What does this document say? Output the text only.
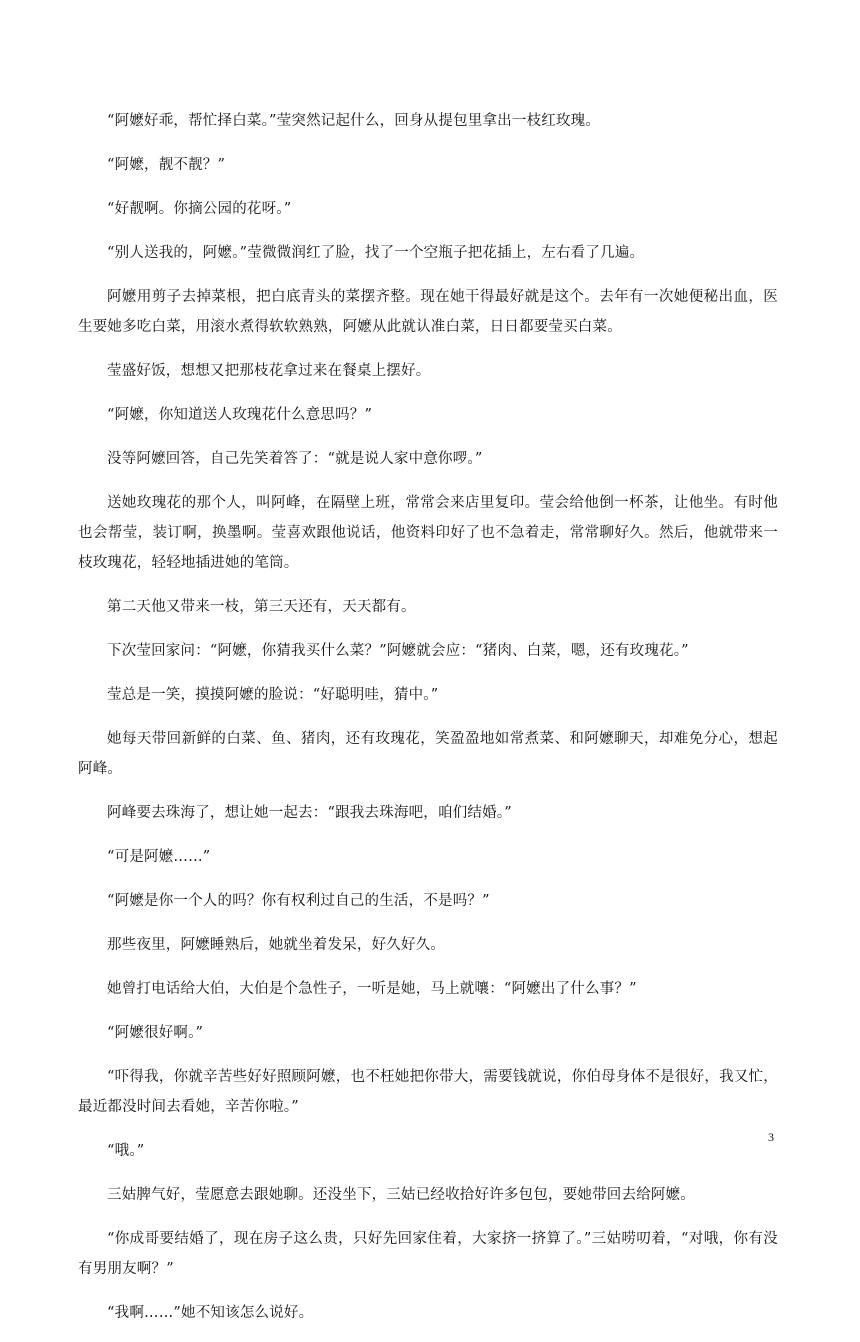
“阿嬷好乖，帮忙择白菜。”莹突然记起什么，回身从提包里拿出一枝红玫瑰。

“阿嬷，靓不靓？”

“好靓啊。你摘公园的花呀。”

“别人送我的，阿嬷。”莹微微润红了脸，找了一个空瓶子把花插上，左右看了几遍。

阿嬷用剪子去掉菜根，把白底青头的菜摆齐整。现在她干得最好就是这个。去年有一次她便秘出血，医生要她多吃白菜，用滚水煮得软软熟熟，阿嬷从此就认准白菜，日日都要莹买白菜。

莹盛好饭，想想又把那枝花拿过来在餐桌上摆好。

“阿嬷，你知道送人玫瑰花什么意思吗？”

没等阿嬷回答，自己先笑着答了：“就是说人家中意你啰。”

送她玫瑰花的那个人，叫阿峰，在隔壁上班，常常会来店里复印。莹会给他倒一杯茶，让他坐。有时他也会帮莹，装订啊，换墨啊。莹喜欢跟他说话，他资料印好了也不急着走，常常聊好久。然后，他就带来一枝玫瑰花，轻轻地插进她的笔筒。

第二天他又带来一枝，第三天还有，天天都有。

下次莹回家问：“阿嬷，你猜我买什么菜？”阿嬷就会应：“猪肉、白菜，嗯，还有玫瑰花。”

莹总是一笑，摸摸阿嬷的脸说：“好聪明哇，猜中。”

她每天带回新鲜的白菜、鱼、猪肉，还有玫瑰花，笑盈盈地如常煮菜、和阿嬷聊天，却难免分心，想起阿峰。

阿峰要去珠海了，想让她一起去：“跟我去珠海吧，咱们结婚。”

“可是阿嬷……”

“阿嬷是你一个人的吗？你有权利过自己的生活，不是吗？”

那些夜里，阿嬷睡熟后，她就坐着发呆，好久好久。

她曾打电话给大伯，大伯是个急性子，一听是她，马上就嚷：“阿嬷出了什么事？”

“阿嬷很好啊。”

“吓得我，你就辛苦些好好照顾阿嬷，也不枉她把你带大，需要钱就说，你伯母身体不是很好，我又忙，最近都没时间去看她，辛苦你啦。”

“哦。”

三姑脾气好，莹愿意去跟她聊。还没坐下，三姑已经收拾好许多包包，要她带回去给阿嬷。

“你成哥要结婚了，现在房子这么贵，只好先回家住着，大家挤一挤算了。”三姑唠叨着，“对哦，你有没有男朋友啊？”

“我啊……”她不知该怎么说好。

3
